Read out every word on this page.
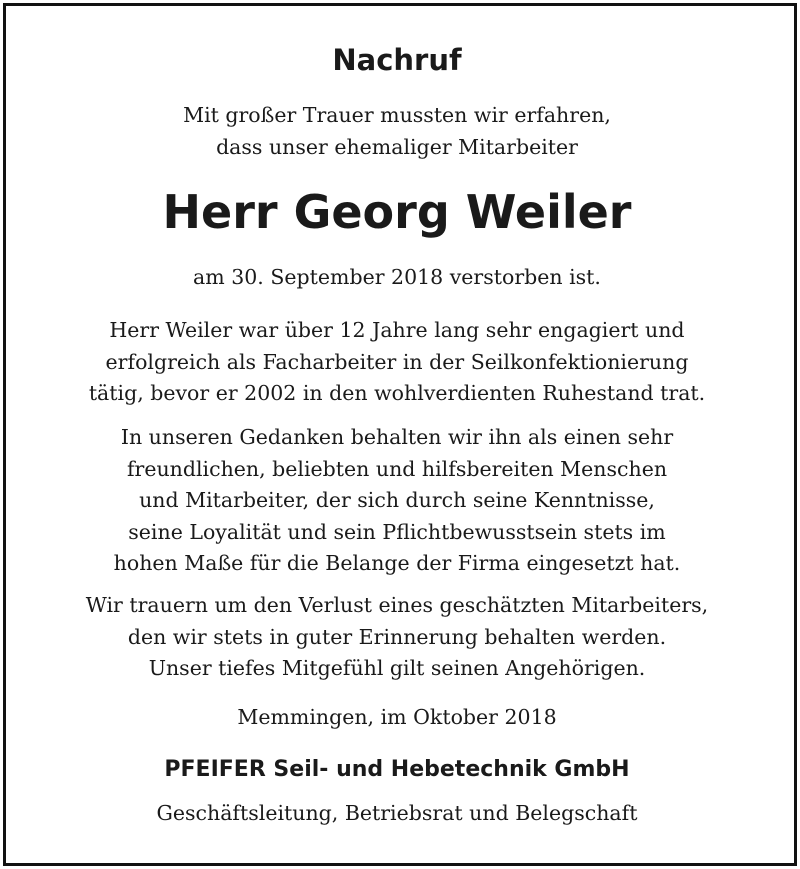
Nachruf

Mit großer Trauer mussten wir erfahren,
dass unser ehemaliger Mitarbeiter

Herr Georg Weiler

am 30. September 2018 verstorben ist.

Herr Weiler war über 12 Jahre lang sehr engagiert und
erfolgreich als Facharbeiter in der Seilkonfektionierung
tätig, bevor er 2002 in den wohlverdienten Ruhestand trat.

In unseren Gedanken behalten wir ihn als einen sehr
freundlichen, beliebten und hilfsbereiten Menschen
und Mitarbeiter, der sich durch seine Kenntnisse,
seine Loyalität und sein Pflichtbewusstsein stets im
hohen Maße für die Belange der Firma eingesetzt hat.

Wir trauern um den Verlust eines geschätzten Mitarbeiters,
den wir stets in guter Erinnerung behalten werden.
Unser tiefes Mitgefühl gilt seinen Angehörigen.

Memmingen, im Oktober 2018

PFEIFER Seil- und Hebetechnik GmbH

Geschäftsleitung, Betriebsrat und Belegschaft
